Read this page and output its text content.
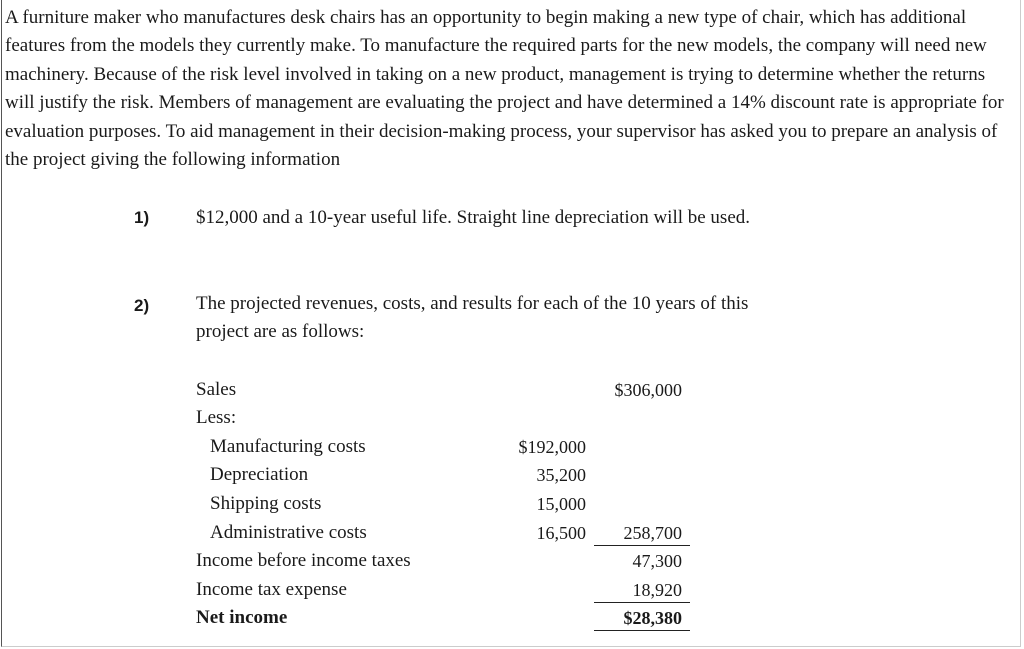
A furniture maker who manufactures desk chairs has an opportunity to begin making a new type of chair, which has additional features from the models they currently make. To manufacture the required parts for the new models, the company will need new machinery. Because of the risk level involved in taking on a new product, management is trying to determine whether the returns will justify the risk. Members of management are evaluating the project and have determined a 14% discount rate is appropriate for evaluation purposes. To aid management in their decision-making process, your supervisor has asked you to prepare an analysis of the project giving the following information
1) $12,000 and a 10-year useful life. Straight line depreciation will be used.
2) The projected revenues, costs, and results for each of the 10 years of this project are as follows:
Sales	$306,000
Less:
Manufacturing costs	$192,000
Depreciation	35,200
Shipping costs	15,000
Administrative costs	16,500	258,700
Income before income taxes	47,300
Income tax expense	18,920
Net income	$28,380
